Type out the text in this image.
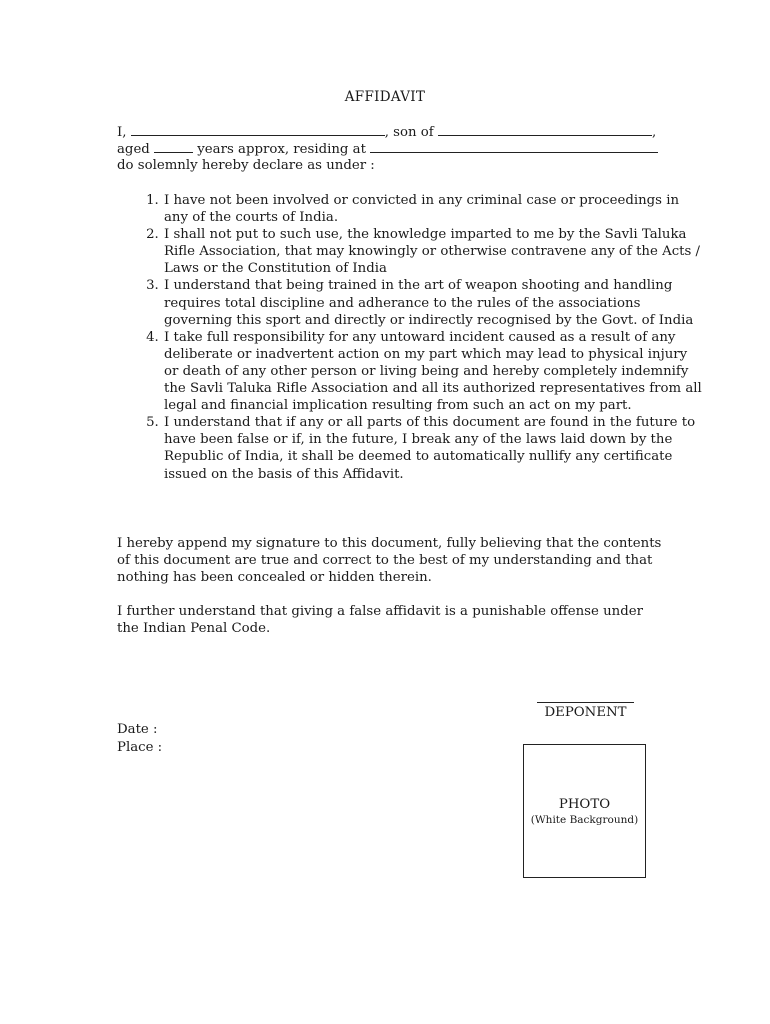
AFFIDAVIT
I,	, son of	,
aged	years approx, residing at
do solemnly hereby declare as under :
1. I have not been involved or convicted in any criminal case or proceedings in any of the courts of India.
2. I shall not put to such use, the knowledge imparted to me by the Savli Taluka Rifle Association, that may knowingly or otherwise contravene any of the Acts / Laws or the Constitution of India
3. I understand that being trained in the art of weapon shooting and handling requires total discipline and adherance to the rules of the associations governing this sport and directly or indirectly recognised by the Govt. of India
4. I take full responsibility for any untoward incident caused as a result of any deliberate or inadvertent action on my part which may lead to physical injury or death of any other person or living being and hereby completely indemnify the Savli Taluka Rifle Association and all its authorized representatives from all legal and financial implication resulting from such an act on my part.
5. I understand that if any or all parts of this document are found in the future to have been false or if, in the future, I break any of the laws laid down by the Republic of India, it shall be deemed to automatically nullify any certificate issued on the basis of this Affidavit.
I hereby append my signature to this document, fully believing that the contents of this document are true and correct to the best of my understanding and that nothing has been concealed or hidden therein.
I further understand that giving a false affidavit is a punishable offense under the Indian Penal Code.
DEPONENT
Date :
Place :
PHOTO
(White Background)
